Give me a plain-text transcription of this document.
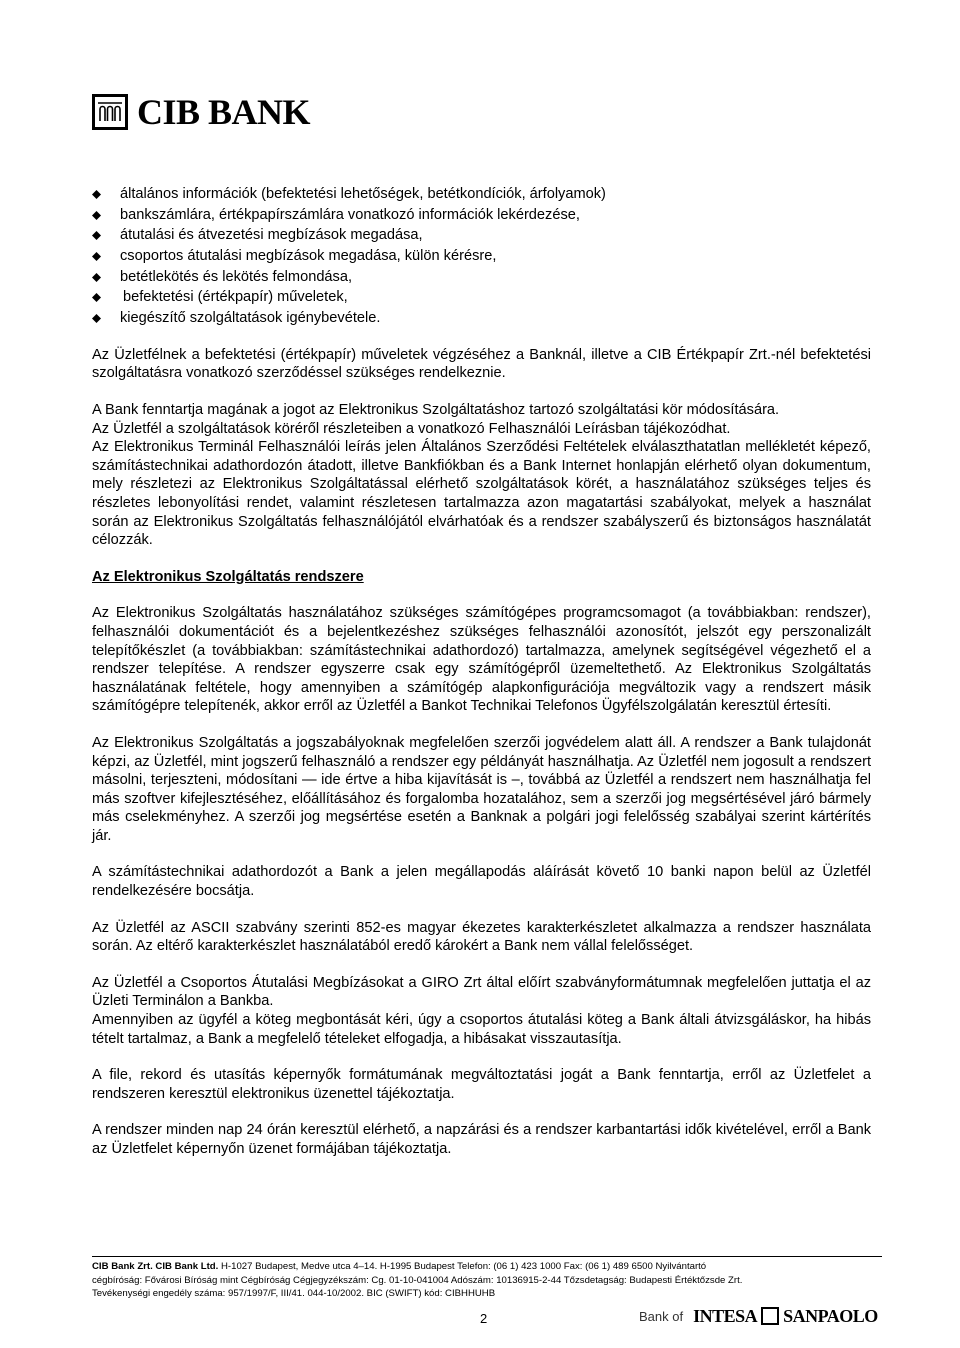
CIB BANK
általános információk (befektetési lehetőségek, betétkondíciók, árfolyamok)
bankszámlára, értékpapírszámlára vonatkozó információk lekérdezése,
átutalási és átvezetési megbízások megadása,
csoportos átutalási megbízások megadása, külön kérésre,
betétlekötés és lekötés felmondása,
befektetési (értékpapír) műveletek,
kiegészítő szolgáltatások igénybevétele.

Az Üzletfélnek a befektetési (értékpapír) műveletek végzéséhez a Banknál, illetve a CIB Értékpapír Zrt.-nél befektetési szolgáltatásra vonatkozó szerződéssel szükséges rendelkeznie.

A Bank fenntartja magának a jogot az Elektronikus Szolgáltatáshoz tartozó szolgáltatási kör módosítására.

Az Üzletfél a szolgáltatások köréről részleteiben a vonatkozó Felhasználói Leírásban tájékozódhat.

Az Elektronikus Terminál Felhasználói leírás jelen Általános Szerződési Feltételek elválaszthatatlan mellékletét képező, számítástechnikai adathordozón átadott, illetve Bankfiókban és a Bank Internet honlapján elérhető olyan dokumentum, mely részletezi az Elektronikus Szolgáltatással elérhető szolgáltatások körét, a használatához szükséges teljes és részletes lebonyolítási rendet, valamint részletesen tartalmazza azon magatartási szabályokat, melyek a használat során az Elektronikus Szolgáltatás felhasználójától elvárhatóak és a rendszer szabályszerű és biztonságos használatát célozzák.

Az Elektronikus Szolgáltatás rendszere

Az Elektronikus Szolgáltatás használatához szükséges számítógépes programcsomagot (a továbbiakban: rendszer), felhasználói dokumentációt és a bejelentkezéshez szükséges felhasználói azonosítót, jelszót egy perszonalizált telepítőkészlet (a továbbiakban: számítástechnikai adathordozó) tartalmazza, amelynek segítségével végezhető el a rendszer telepítése. A rendszer egyszerre csak egy számítógépről üzemeltethető. Az Elektronikus Szolgáltatás használatának feltétele, hogy amennyiben a számítógép alapkonfigurációja megváltozik vagy a rendszert másik számítógépre telepítenék, akkor erről az Üzletfél a Bankot Technikai Telefonos Ügyfélszolgálatán keresztül értesíti.

Az Elektronikus Szolgáltatás a jogszabályoknak megfelelően szerzői jogvédelem alatt áll. A rendszer a Bank tulajdonát képzi, az Üzletfél, mint jogszerű felhasználó a rendszer egy példányát használhatja. Az Üzletfél nem jogosult a rendszert másolni, terjeszteni, módosítani — ide értve a hiba kijavítását is –, továbbá az Üzletfél a rendszert nem használhatja fel más szoftver kifejlesztéséhez, előállításához és forgalomba hozatalához, sem a szerzői jog megsértésével járó bármely más cselekményhez. A szerzői jog megsértése esetén a Banknak a polgári jogi felelősség szabályai szerint kártérítés jár.

A számítástechnikai adathordozót a Bank a jelen megállapodás aláírását követő 10 banki napon belül az Üzletfél rendelkezésére bocsátja.

Az Üzletfél az ASCII szabvány szerinti 852-es magyar ékezetes karakterkészletet alkalmazza a rendszer használata során. Az eltérő karakterkészlet használatából eredő károkért a Bank nem vállal felelősséget.

Az Üzletfél a Csoportos Átutalási Megbízásokat a GIRO Zrt által előírt szabványformátumnak megfelelően juttatja el az Üzleti Terminálon a Bankba.

Amennyiben az ügyfél a köteg megbontását kéri, úgy a csoportos átutalási köteg a Bank általi átvizsgáláskor, ha hibás tételt tartalmaz, a Bank a megfelelő tételeket elfogadja, a hibásakat visszautasítja.

A file, rekord és utasítás képernyők formátumának megváltoztatási jogát a Bank fenntartja, erről az Üzletfelet a rendszeren keresztül elektronikus üzenettel tájékoztatja.

A rendszer minden nap 24 órán keresztül elérhető, a napzárási és a rendszer karbantartási idők kivételével, erről a Bank az Üzletfelet képernyőn üzenet formájában tájékoztatja.

CIB Bank Zrt. CIB Bank Ltd. H-1027 Budapest, Medve utca 4–14. H-1995 Budapest Telefon: (06 1) 423 1000 Fax: (06 1) 489 6500 Nyilvántartó
cégbíróság: Fővárosi Bíróság mint Cégbíróság Cégjegyzékszám: Cg. 01-10-041004 Adószám: 10136915-2-44 Tőzsdetagság: Budapesti Értéktőzsde Zrt.
Tevékenységi engedély száma: 957/1997/F, III/41. 044-10/2002. BIC (SWIFT) kód: CIBHHUHB
2	Bank of INTESA SANPAOLO
